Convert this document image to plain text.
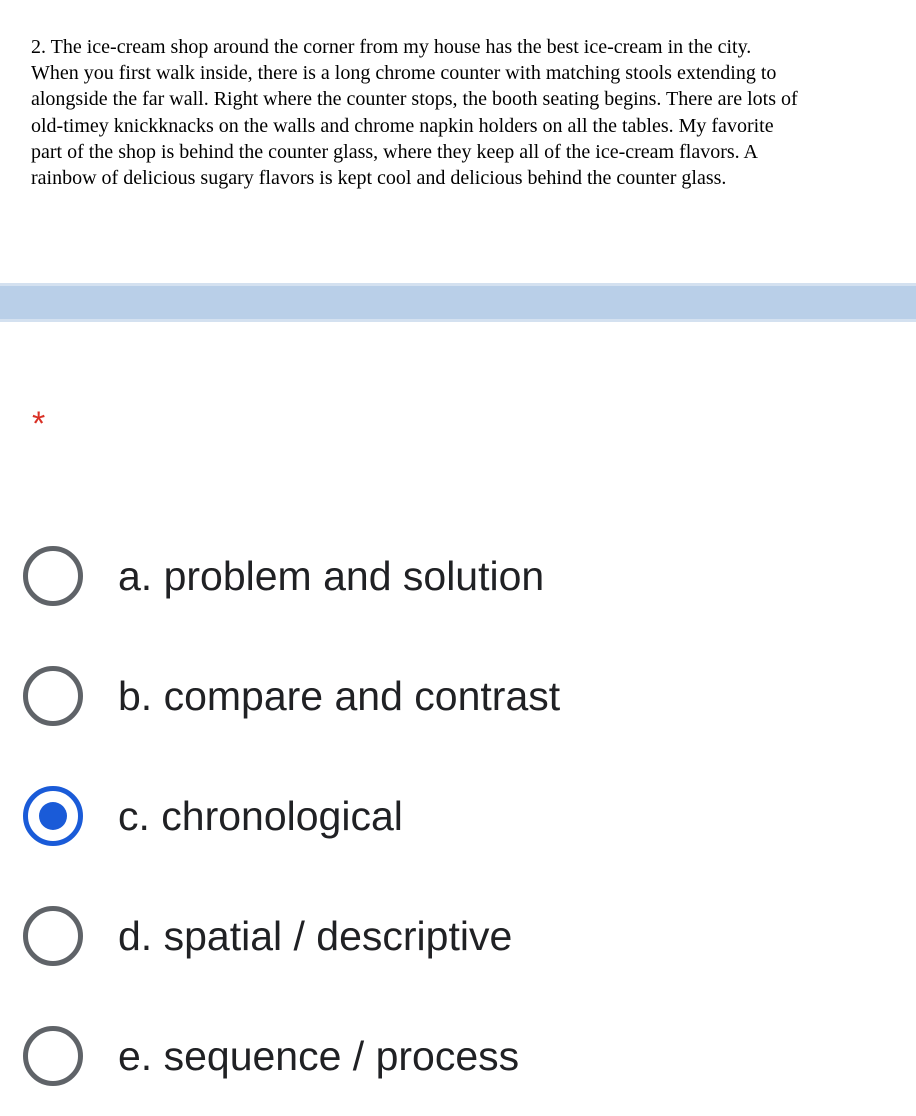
2. The ice-cream shop around the corner from my house has the best ice-cream in the city.
When you first walk inside, there is a long chrome counter with matching stools extending to
alongside the far wall. Right where the counter stops, the booth seating begins. There are lots of
old-timey knickknacks on the walls and chrome napkin holders on all the tables. My favorite
part of the shop is behind the counter glass, where they keep all of the ice-cream flavors. A
rainbow of delicious sugary flavors is kept cool and delicious behind the counter glass.
*
a. problem and solution
b. compare and contrast
c. chronological
d. spatial / descriptive
e. sequence / process
